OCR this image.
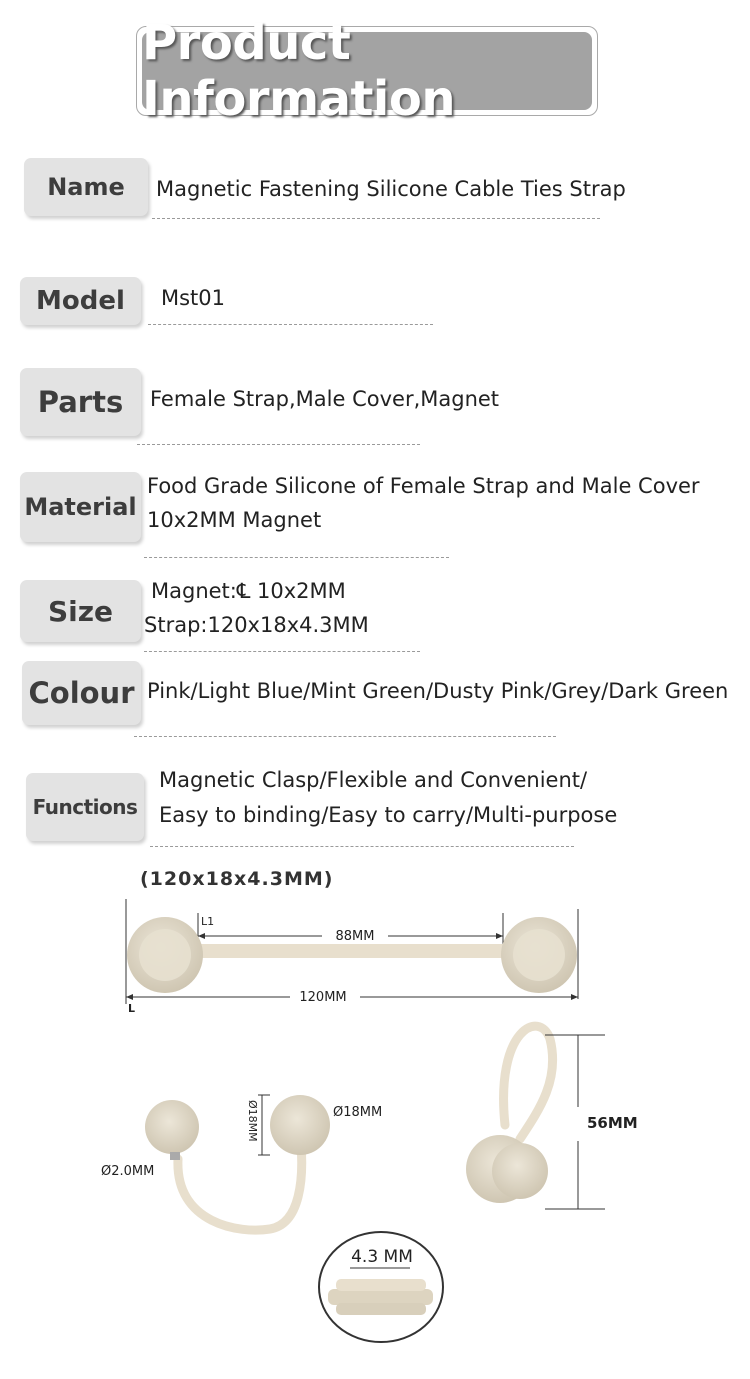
Product Information
Name Magnetic Fastening Silicone Cable Ties Strap
Model Mst01
Parts Female Strap,Male Cover,Magnet
Material
Food Grade Silicone of Female Strap and Male Cover
10x2MM Magnet
Size
Magnet:℄ 10x2MM
Strap:120x18x4.3MM
Colour Pink/Light Blue/Mint Green/Dusty Pink/Grey/Dark Green
Functions
Magnetic Clasp/Flexible and Convenient/
Easy to binding/Easy to carry/Multi-purpose
(120x18x4.3MM)
88MM
L1
120MM
L
Ø18MM	Ø18MM
Ø2.0MM
56MM
4.3 MM
